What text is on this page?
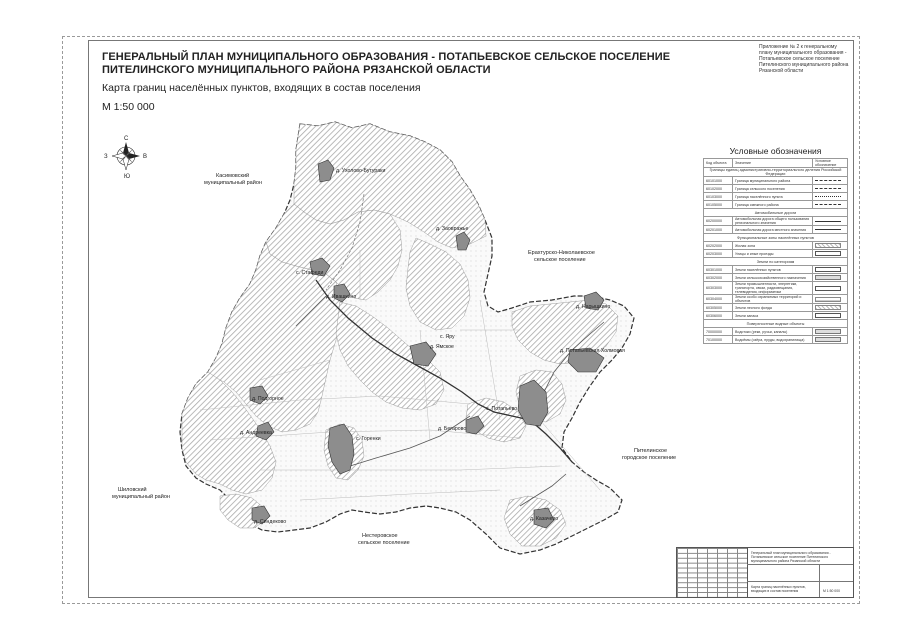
ГЕНЕРАЛЬНЫЙ ПЛАН МУНИЦИПАЛЬНОГО ОБРАЗОВАНИЯ - ПОТАПЬЕВСКОЕ СЕЛЬСКОЕ ПОСЕЛЕНИЕ
ПИТЕЛИНСКОГО МУНИЦИПАЛЬНОГО РАЙОНА РЯЗАНСКОЙ ОБЛАСТИ

Карта границ населённых пунктов, входящих в состав поселения

М 1:50 000
Приложение № 2 к генеральному плану муниципального образования - Потапьевское сельское поселение Пителинского муниципального района Рязанской области
С
Ю
З	В
Касимовский
муниципальный район
Ерахтурско-Николаевское
сельское поселение
Пителинское
городское поселение
Шиловский
муниципальный район
Нестеровское
сельское поселение
д. Ухолово-Бутураки
д. Заовражье
с. Стафеди
д. Ивашкино
д. Ямское
с. Яру
д. Нарышкино
д. Потапьевская Холмовая
д. Подгорное
с. Потапьево
д. Андреевка
с. Горенки
д. Бегарово
д. Синдеково	д. Казачево

Условные обозначения

Код объекта	Значение	Условное обозначение
Границы единиц административно-территориального деления Российской Федерации		
60101000	Граница муниципального района	
60102000	Граница сельского поселения	
60103000	Граница населённого пункта	
60105000	Граница смежного района	
Автомобильные дороги		
60200000	Автомобильная дорога общего пользования регионального значения	
60201000	Автомобильная дорога местного значения	
Функциональные зоны населённых пунктов		
60202000	Жилая зона	
60203000	Улицы и иные проезды	
Земли по категориям		
60301000	Земли населённых пунктов	
60302000	Земли сельскохозяйственного назначения	
60303000	Земли промышленности, энергетики, транспорта, связи, радиовещания, телевидения, информатики	
60304000	Земли особо охраняемых территорий и объектов	
60305000	Земли лесного фонда	
60306000	Земли запаса	
Поверхностные водные объекты		
70000000	Водотоки (реки, ручьи, каналы)	
70100000	Водоёмы (озёра, пруды, водохранилища)	
Генеральный план муниципального образования - Потапьевское сельское поселение Пителинского муниципального района Рязанской области
Карта границ населённых пунктов, входящих в состав поселения	М 1:50 000
